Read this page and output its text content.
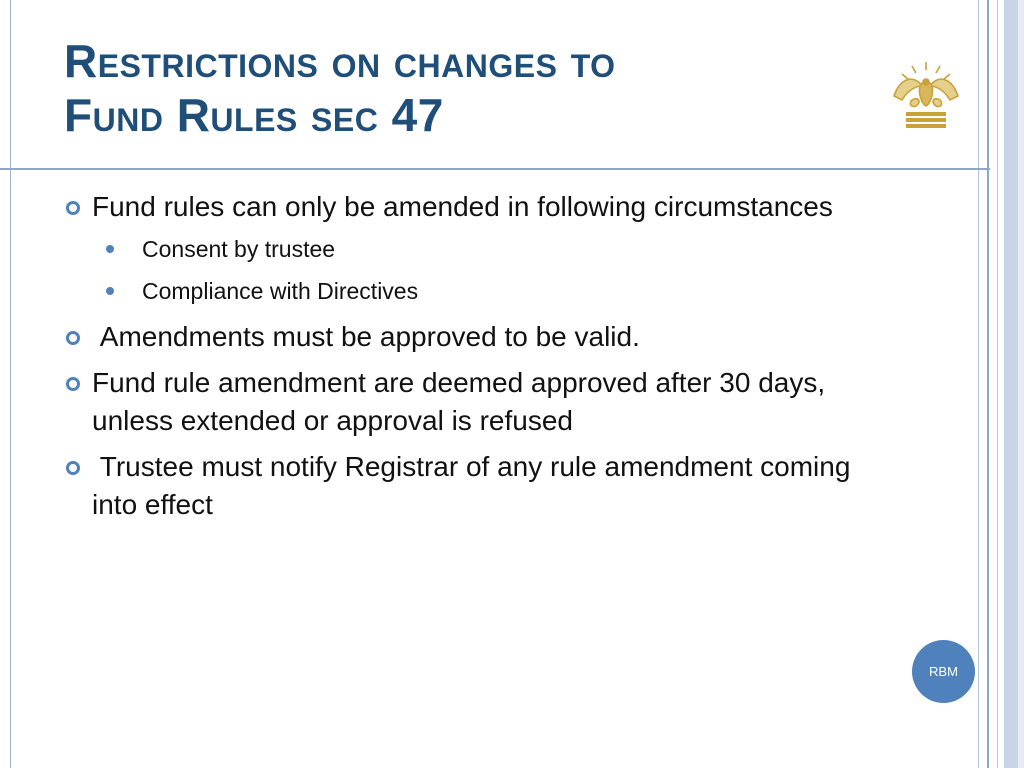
Restrictions on changes to
Fund Rules sec 47
Fund rules can only be amended in following circumstances
Consent by trustee
Compliance with Directives
Amendments must be approved to be valid.
Fund rule amendment are deemed approved after 30 days, unless extended or approval is refused
Trustee must notify Registrar of any rule amendment coming into effect
RBM
